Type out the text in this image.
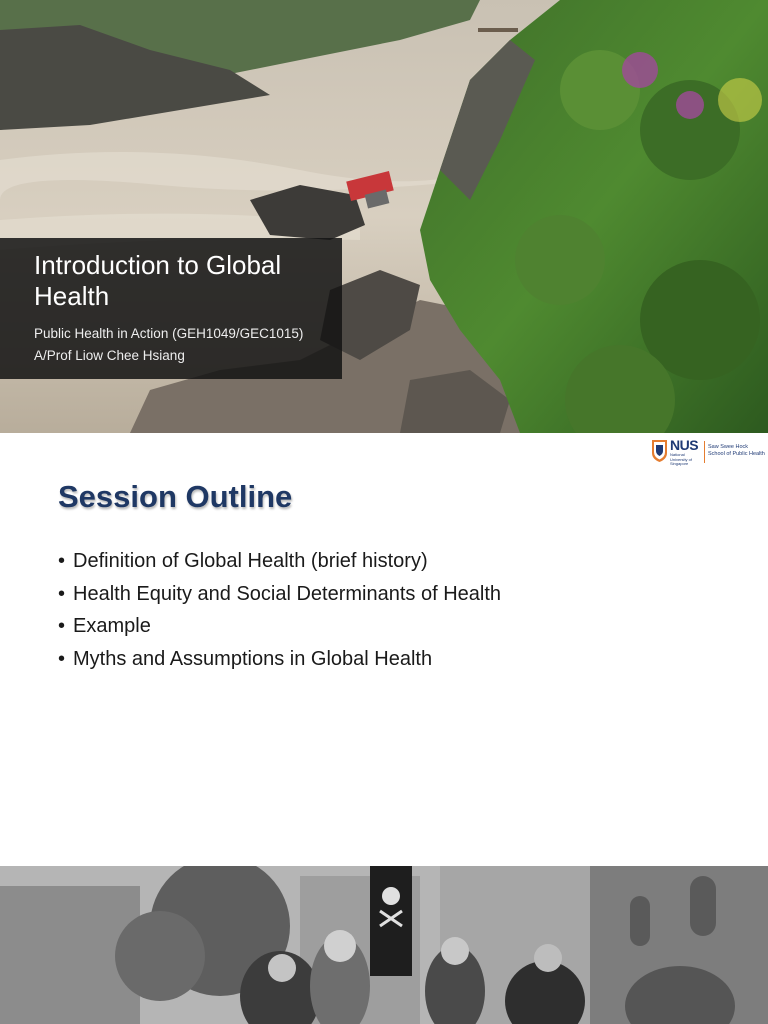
Introduction to Global Health
Public Health in Action (GEH1049/GEC1015)
A/Prof Liow Chee Hsiang
NUS
National University of Singapore
Saw Swee Hock
School of Public Health
Session Outline
• Definition of Global Health (brief history)
• Health Equity and Social Determinants of Health
• Example
• Myths and Assumptions in Global Health
